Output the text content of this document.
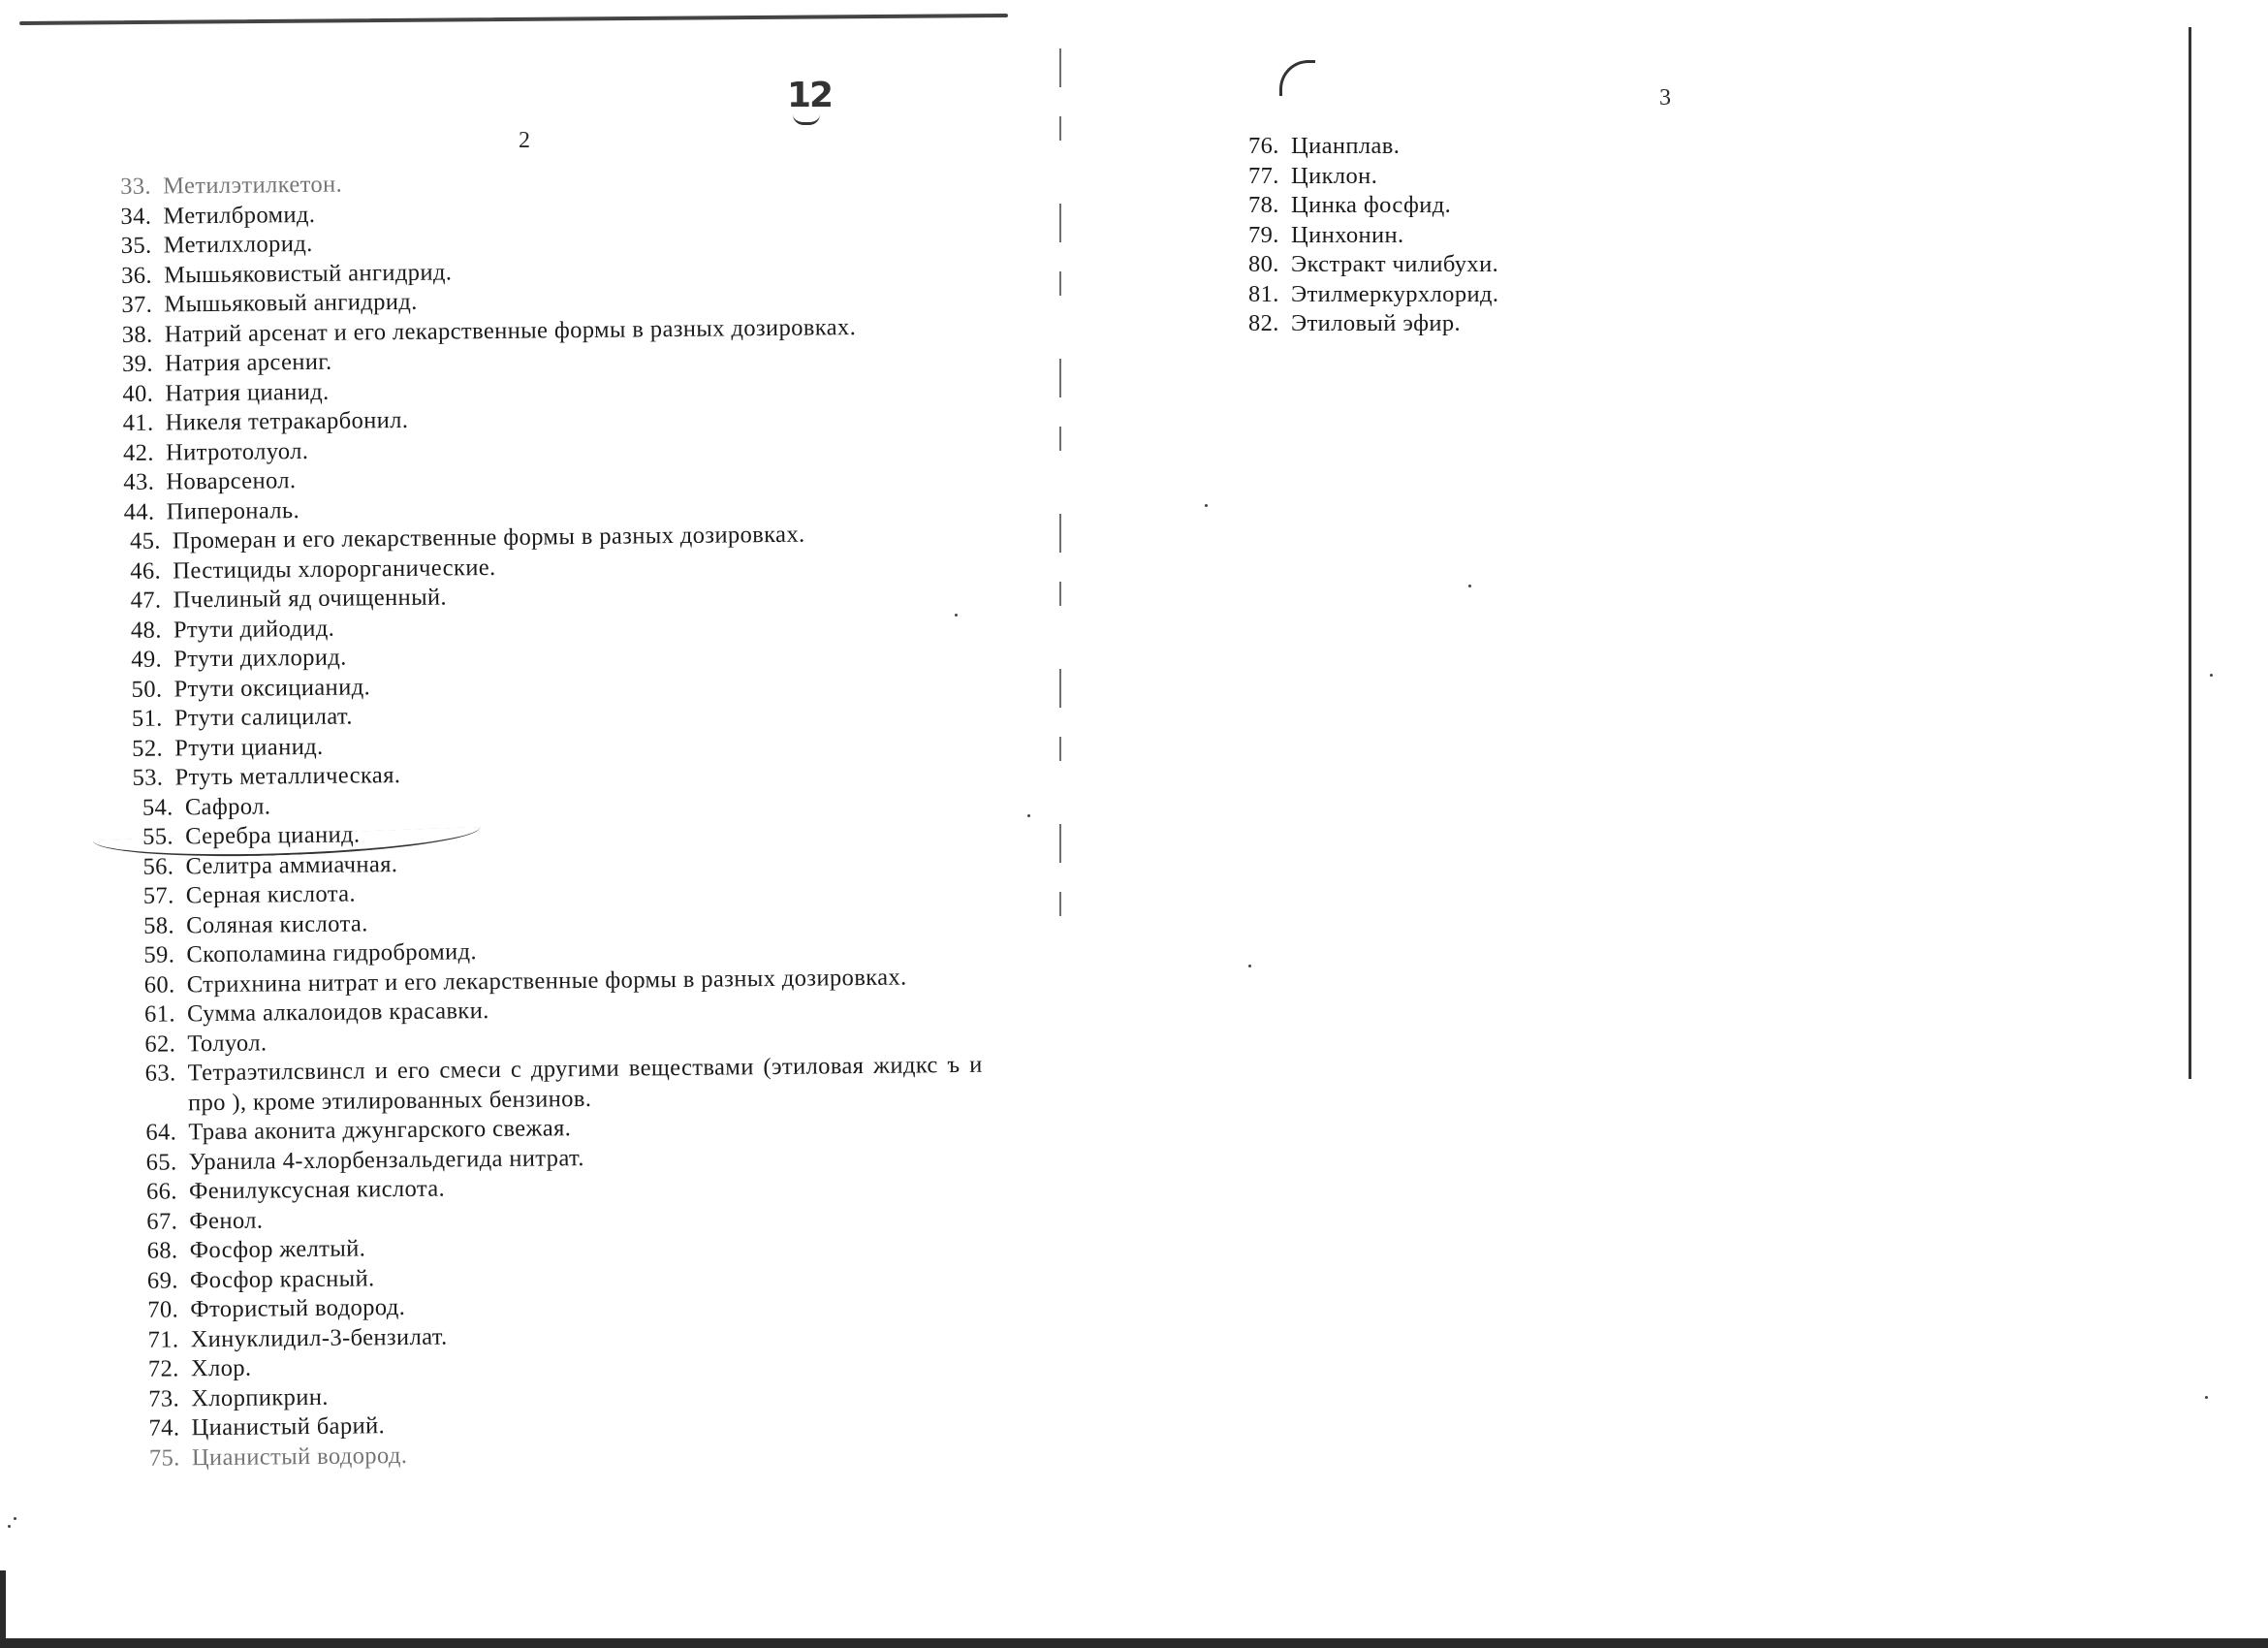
12
2
3
33. Метилэтилкетон.
34. Метилбромид.
35. Метилхлорид.
36. Мышьяковистый ангидрид.
37. Мышьяковый ангидрид.
38. Натрий арсенат и его лекарственные формы в разных дозировках.
39. Натрия арсениг.
40. Натрия цианид.
41. Никеля тетракарбонил.
42. Нитротолуол.
43. Новарсенол.
44. Пиперональ.
45. Промеран и его лекарственные формы в разных дозировках.
46. Пестициды хлорорганические.
47. Пчелиный яд очищенный.
48. Ртути дийодид.
49. Ртути дихлорид.
50. Ртути оксицианид.
51. Ртути салицилат.
52. Ртути цианид.
53. Ртуть металлическая.
54. Сафрол.
55. Серебра цианид.
56. Селитра аммиачная.
57. Серная кислота.
58. Соляная кислота.
59. Скополамина гидробромид.
60. Стрихнина нитрат и его лекарственные формы в разных дозировках.
61. Сумма алкалоидов красавки.
62. Толуол.
63. Тетраэтилсвинсл и его смеси с другими веществами (этиловая жидкс ъ и про ), кроме этилированных бензинов.
64. Трава аконита джунгарского свежая.
65. Уранила 4-хлорбензальдегида нитрат.
66. Фенилуксусная кислота.
67. Фенол.
68. Фосфор желтый.
69. Фосфор красный.
70. Фтористый водород.
71. Хинуклидил-3-бензилат.
72. Хлор.
73. Хлорпикрин.
74. Цианистый барий.
75. Цианистый водород.
76. Цианплав.
77. Циклон.
78. Цинка фосфид.
79. Цинхонин.
80. Экстракт чилибухи.
81. Этилмеркурхлорид.
82. Этиловый эфир.
